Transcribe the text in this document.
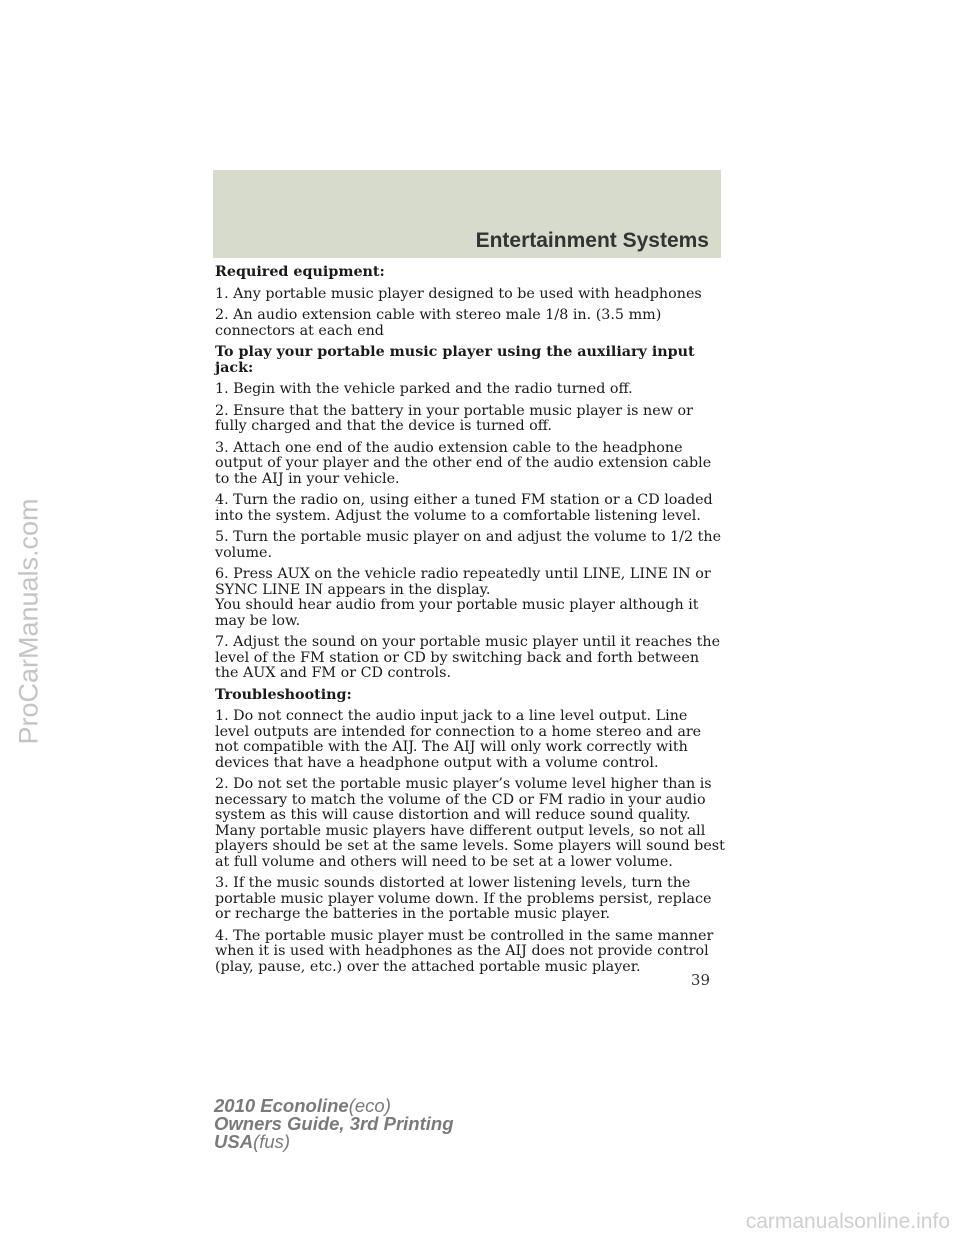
Entertainment Systems

Required equipment:

1. Any portable music player designed to be used with headphones

2. An audio extension cable with stereo male 1/8 in. (3.5 mm) connectors at each end

To play your portable music player using the auxiliary input jack:

1. Begin with the vehicle parked and the radio turned off.

2. Ensure that the battery in your portable music player is new or fully charged and that the device is turned off.

3. Attach one end of the audio extension cable to the headphone output of your player and the other end of the audio extension cable to the AIJ in your vehicle.

4. Turn the radio on, using either a tuned FM station or a CD loaded into the system. Adjust the volume to a comfortable listening level.

5. Turn the portable music player on and adjust the volume to 1/2 the volume.

6. Press AUX on the vehicle radio repeatedly until LINE, LINE IN or SYNC LINE IN appears in the display.
You should hear audio from your portable music player although it may be low.

7. Adjust the sound on your portable music player until it reaches the level of the FM station or CD by switching back and forth between the AUX and FM or CD controls.

Troubleshooting:

1. Do not connect the audio input jack to a line level output. Line level outputs are intended for connection to a home stereo and are not compatible with the AIJ. The AIJ will only work correctly with devices that have a headphone output with a volume control.

2. Do not set the portable music player’s volume level higher than is necessary to match the volume of the CD or FM radio in your audio system as this will cause distortion and will reduce sound quality. Many portable music players have different output levels, so not all players should be set at the same levels. Some players will sound best at full volume and others will need to be set at a lower volume.

3. If the music sounds distorted at lower listening levels, turn the portable music player volume down. If the problems persist, replace or recharge the batteries in the portable music player.

4. The portable music player must be controlled in the same manner when it is used with headphones as the AIJ does not provide control (play, pause, etc.) over the attached portable music player.

39
2010 Econoline(eco)
Owners Guide, 3rd Printing
USA(fus)
ProCarManuals.com
carmanualsonline.info
